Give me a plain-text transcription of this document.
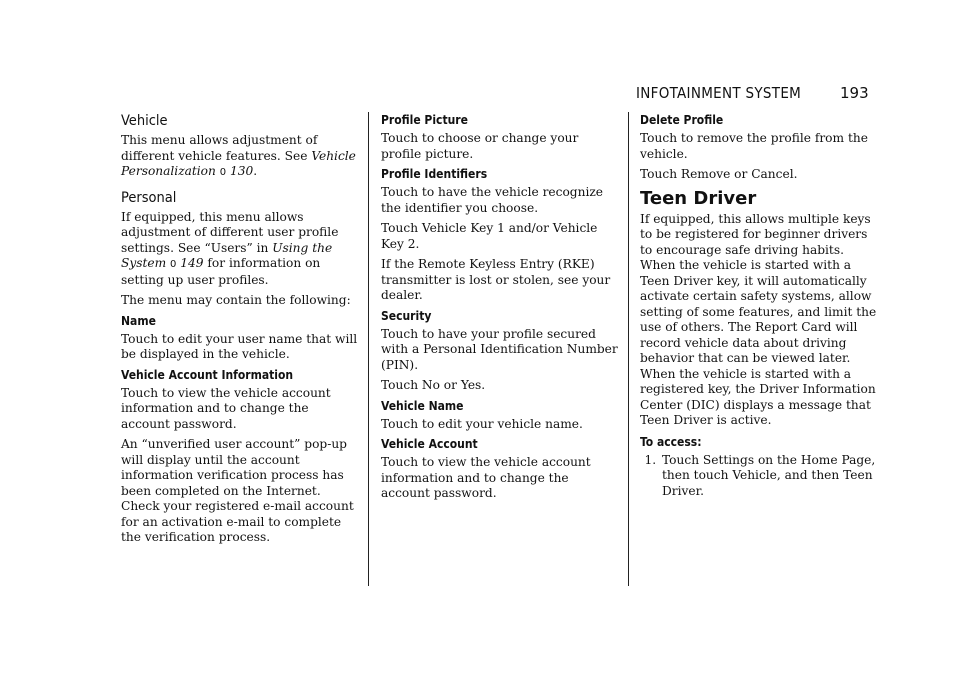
INFOTAINMENT SYSTEM	193
Vehicle

This menu allows adjustment of different vehicle features. See Vehicle Personalization 0 130.

Personal

If equipped, this menu allows adjustment of different user profile settings. See “Users” in Using the System 0 149 for information on setting up user profiles.

The menu may contain the following:

Name

Touch to edit your user name that will be displayed in the vehicle.

Vehicle Account Information

Touch to view the vehicle account information and to change the account password.

An “unverified user account” pop-up will display until the account information verification process has been completed on the Internet. Check your registered e-mail account for an activation e-mail to complete the verification process.

Profile Picture

Touch to choose or change your profile picture.

Profile Identifiers

Touch to have the vehicle recognize the identifier you choose.

Touch Vehicle Key 1 and/or Vehicle Key 2.

If the Remote Keyless Entry (RKE) transmitter is lost or stolen, see your dealer.

Security

Touch to have your profile secured with a Personal Identification Number (PIN).

Touch No or Yes.

Vehicle Name

Touch to edit your vehicle name.

Vehicle Account

Touch to view the vehicle account information and to change the account password.

Delete Profile

Touch to remove the profile from the vehicle.

Touch Remove or Cancel.

Teen Driver

If equipped, this allows multiple keys to be registered for beginner drivers to encourage safe driving habits. When the vehicle is started with a Teen Driver key, it will automatically activate certain safety systems, allow setting of some features, and limit the use of others. The Report Card will record vehicle data about driving behavior that can be viewed later. When the vehicle is started with a registered key, the Driver Information Center (DIC) displays a message that Teen Driver is active.

To access:
1. Touch Settings on the Home Page, then touch Vehicle, and then Teen Driver.
